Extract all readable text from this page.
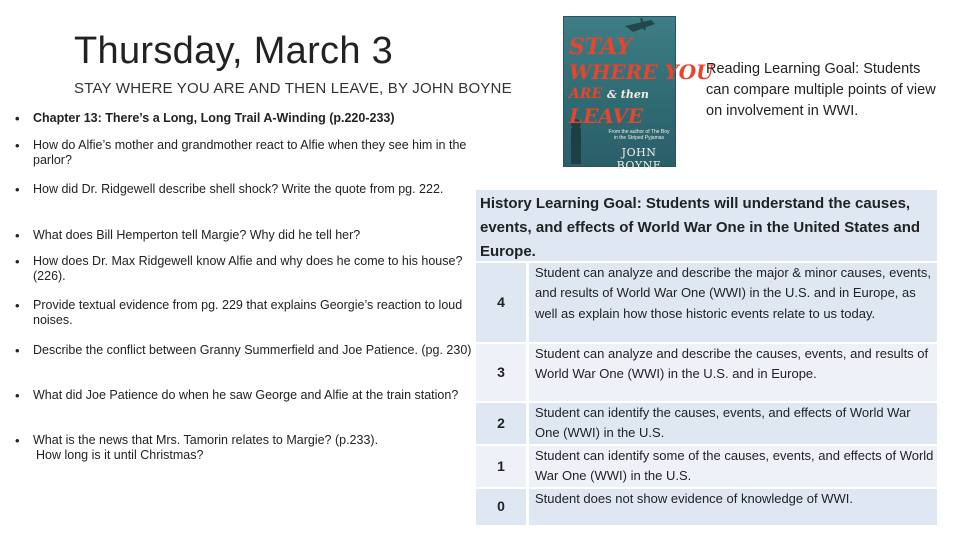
Thursday, March 3
STAY WHERE YOU ARE AND THEN LEAVE, BY JOHN BOYNE
• Chapter 13: There’s a Long, Long Trail A-Winding (p.220-233)
• How do Alfie’s mother and grandmother react to Alfie when they see him in the parlor?
• How did Dr. Ridgewell describe shell shock? Write the quote from pg. 222.
• What does Bill Hemperton tell Margie? Why did he tell her?
• How does Dr. Max Ridgewell know Alfie and why does he come to his house? (226).
• Provide textual evidence from pg. 229 that explains Georgie’s reaction to loud noises.
• Describe the conflict between Granny Summerfield and Joe Patience. (pg. 230)
• What did Joe Patience do when he saw George and Alfie at the train station?
• What is the news that Mrs. Tamorin relates to Margie? (p.233).
How long is it until Christmas?
STAY
WHERE YOU
ARE & then
LEAVE
From the author of The Boy in the Striped Pyjamas
JOHN BOYNE
Reading Learning Goal: Students can compare multiple points of view on involvement in WWI.
History Learning Goal: Students will understand the causes, events, and effects of World War One in the United States and Europe.
4	Student can analyze and describe the major & minor causes, events, and results of World War One (WWI) in the U.S. and in Europe, as well as explain how those historic events relate to us today.
3	Student can analyze and describe the causes, events, and results of World War One (WWI) in the U.S. and in Europe.
2	Student can identify the causes, events, and effects of World War One (WWI) in the U.S.
1	Student can identify some of the causes, events, and effects of World War One (WWI) in the U.S.
0	Student does not show evidence of knowledge of WWI.
